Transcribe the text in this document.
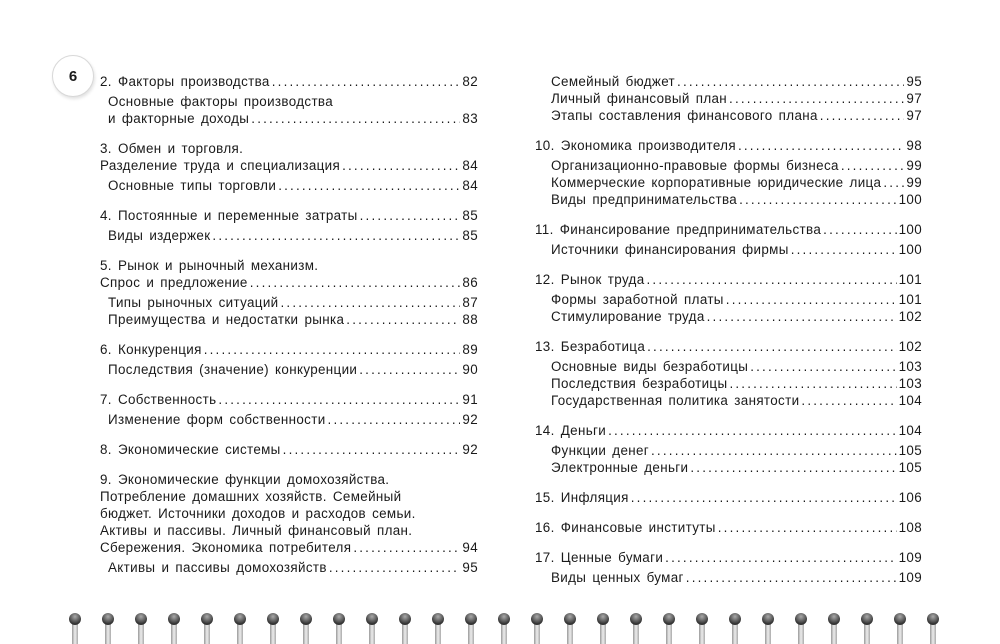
6	2. Факторы производства .....	82
Основные факторы производства
и факторные доходы .....	83
3. Обмен и торговля.
Разделение труда и специализация .....	84
Основные типы торговли .....	84
4. Постоянные и переменные затраты .....	85
Виды издержек .....	85
5. Рынок и рыночный механизм.
Спрос и предложение .....	86
Типы рыночных ситуаций .....	87
Преимущества и недостатки рынка .....	88
6. Конкуренция .....	89
Последствия (значение) конкуренции .....	90
7. Собственность .....	91
Изменение форм собственности .....	92
8. Экономические системы .....	92
9. Экономические функции домохозяйства.
Потребление домашних хозяйств. Семейный
бюджет. Источники доходов и расходов семьи.
Активы и пассивы. Личный финансовый план.
Сбережения. Экономика потребителя .....	94
Активы и пассивы домохозяйств .....	95
Семейный бюджет .....	95
Личный финансовый план .....	97
Этапы составления финансового плана .....	97
10. Экономика производителя .....	98
Организационно-правовые формы бизнеса .....	99
Коммерческие корпоративные юридические лица ..... 99
Виды предпринимательства .....	100
11. Финансирование предпринимательства .....	100
Источники финансирования фирмы .....	100
12. Рынок труда .....	101
Формы заработной платы .....	101
Стимулирование труда .....	102
13. Безработица .....	102
Основные виды безработицы .....	103
Последствия безработицы .....	103
Государственная политика занятости .....	104
14. Деньги .....	104
Функции денег .....	105
Электронные деньги .....	105
15. Инфляция .....	106
16. Финансовые институты .....	108
17. Ценные бумаги .....	109
Виды ценных бумаг .....	109
